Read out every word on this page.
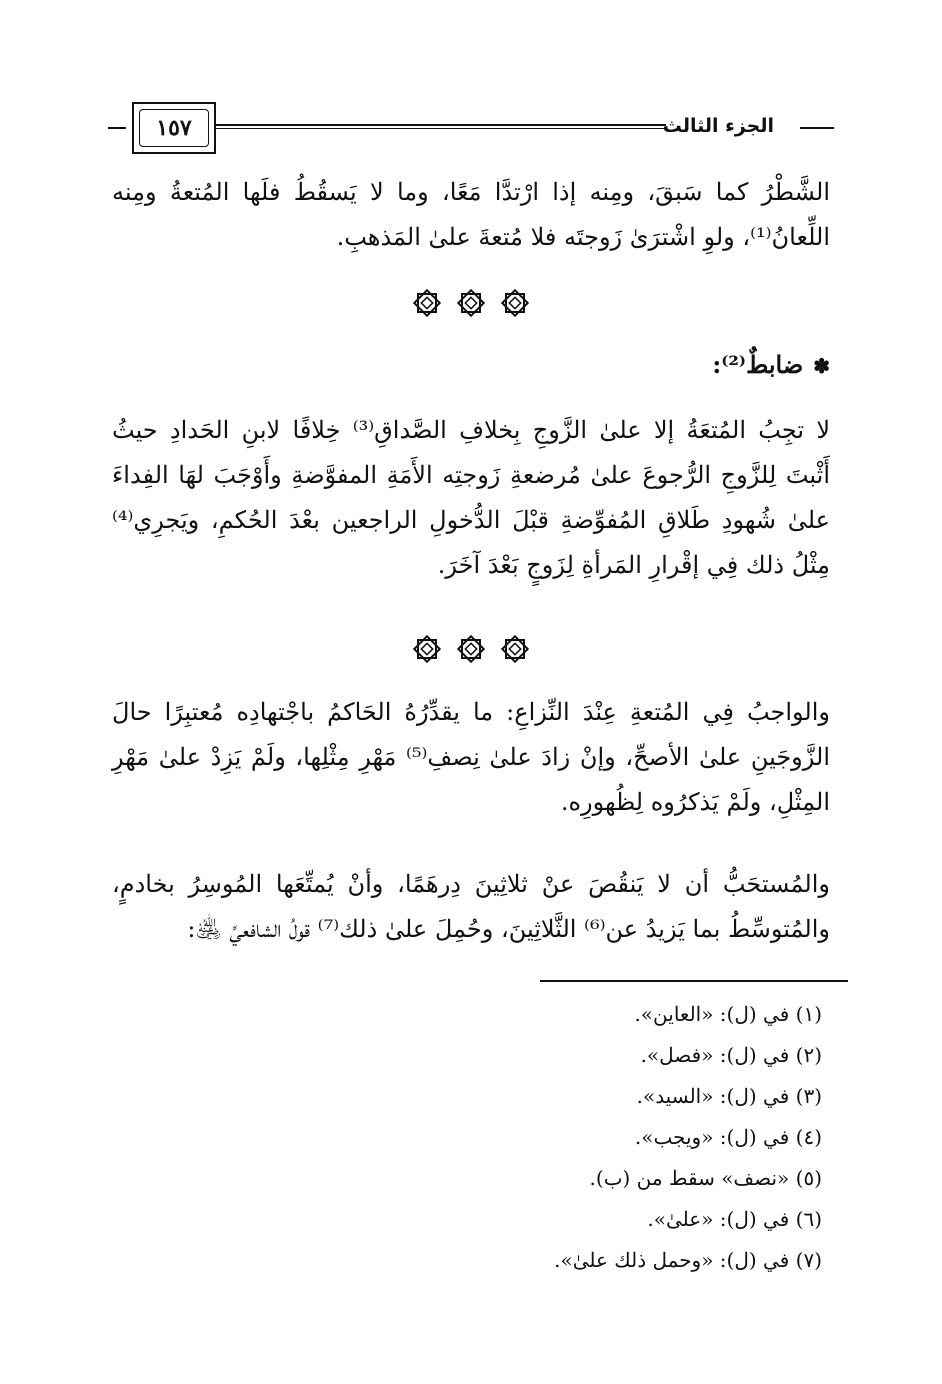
الجزء الثالث
١٥٧

الشَّطْرُ كما سَبقَ، ومِنه إذا ارْتدَّا مَعًا، وما لا يَسقُطُ فلَها المُتعةُ ومِنه اللِّعانُ⁽¹⁾، ولوِ اشْترَىٰ زَوجتَه فلا مُتعةَ علىٰ المَذهبِ.

✽ضابطٌ⁽²⁾:

لا تجِبُ المُتعَةُ إلا علىٰ الزَّوجِ بِخلافِ الصَّداقِ⁽³⁾ خِلافًا لابنِ الحَدادِ حيثُ أَثْبتَ لِلزَّوجِ الرُّجوعَ علىٰ مُرضعةِ زَوجتِه الأَمَةِ المفوَّضةِ وأَوْجَبَ لهَا الفِداءَ علىٰ شُهودِ طَلاقِ المُفوِّضةِ قبْلَ الدُّخولِ الراجعين بعْدَ الحُكمِ، ويَجرِي⁽⁴⁾ مِثْلُ ذلك فِي إقْرارِ المَرأةِ لِزَوجٍ بَعْدَ آخَرَ.

والواجبُ فِي المُتعةِ عِنْدَ النِّزاعِ: ما يقدِّرُهُ الحَاكمُ باجْتهادِه مُعتبِرًا حالَ الزَّوجَينِ علىٰ الأصحِّ، وإنْ زادَ علىٰ نِصفِ⁽⁵⁾ مَهْرِ مِثْلِها، ولَمْ يَزِدْ علىٰ مَهْرِ المِثْلِ، ولَمْ يَذكرُوه لِظُهورِه.

والمُستحَبُّ أن لا يَنقُصَ عنْ ثلاثِينَ دِرهَمًا، وأنْ يُمتِّعَها المُوسِرُ بخادمٍ، والمُتوسِّطُ بما يَزيدُ عن⁽⁶⁾ الثَّلاثِينَ، وحُمِلَ علىٰ ذلك⁽⁷⁾ قولُ الشافعيِّ ﵁:

(١) في (ل): «العاين».
(٢) في (ل): «فصل».
(٣) في (ل): «السيد».
(٤) في (ل): «ويجب».
(٥) «نصف» سقط من (ب).
(٦) في (ل): «علىٰ».
(٧) في (ل): «وحمل ذلك علىٰ».
